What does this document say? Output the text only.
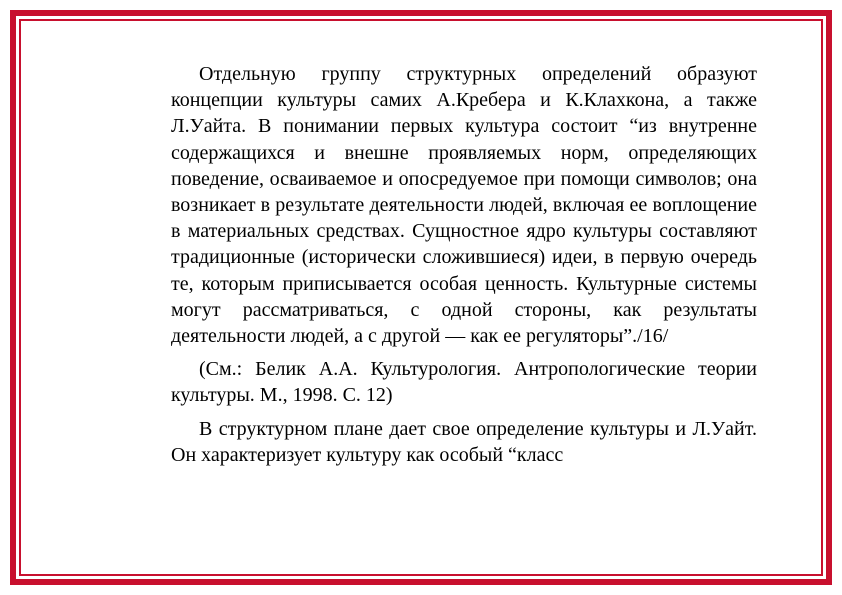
Отдельную группу структурных определений образуют концепции культуры самих А.Кребера и К.Клахкона, а также Л.Уайта. В понимании первых культура состоит “из внутренне содержащихся и внешне проявляемых норм, определяющих поведение, осваиваемое и опосредуемое при помощи символов; она возникает в результате деятельности людей, включая ее воплощение в материальных средствах. Сущностное ядро культуры составляют традиционные (исторически сложившиеся) идеи, в первую очередь те, которым приписывается особая ценность. Культурные системы могут рассматриваться, с одной стороны, как результаты деятельности людей, а с другой — как ее регуляторы”./16/

(См.: Белик А.А. Культурология. Антропологические теории культуры. М., 1998. С. 12)

В структурном плане дает свое определение культуры и Л.Уайт. Он характеризует культуру как особый “класс
